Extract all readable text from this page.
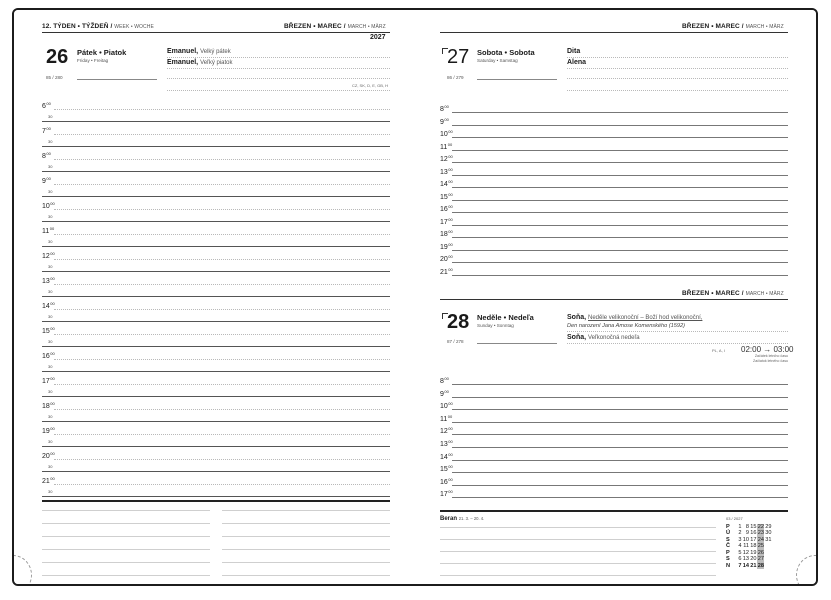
12. TÝDEN • TÝŽDEŇ / WEEK • WOCHE	BŘEZEN • MAREC / MARCH • MÄRZ
2027
26 Pátek • Piatok
Friday • Freitag
85 / 280
Emanuel, Velký pátek
Emanuel, Veľký piatok
CZ, SK, D, E, GB, H
$6^{00}$
30
$7^{00}$
30
$8^{00}$
30
$9^{00}$
30
$10^{00}$
30
$11^{00}$
30
$12^{00}$
30
$13^{00}$
30
$14^{00}$
30
$15^{00}$
30
$16^{00}$
30
$17^{00}$
30
$18^{00}$
30
$19^{00}$
30
$20^{00}$
30
$21^{00}$
30
BŘEZEN • MAREC / MARCH • MÄRZ
27 Sobota • Sobota
Saturday • Samstag
86 / 279
Dita
Alena
$8^{00}$
$9^{00}$
$10^{00}$
$11^{00}$
$12^{00}$
$13^{00}$
$14^{00}$
$15^{00}$
$16^{00}$
$17^{00}$
$18^{00}$
$19^{00}$
$20^{00}$
$21^{00}$
BŘEZEN • MAREC / MARCH • MÄRZ
28 Neděle • Nedeľa
Sunday • Sonntag
87 / 278
Soňa, Neděle velikonoční – Boží hod velikonoční,
Den narození Jana Amose Komenského (1592)
Soňa, Veľkonočná nedeľa
PL, A, I 02:00 → 03:00
Začátek letního času
Začiatok letného času
$8^{00}$
$9^{00}$
$10^{00}$
$11^{00}$
$12^{00}$
$13^{00}$
$14^{00}$
$15^{00}$
$16^{00}$
$17^{00}$
Beran 21. 3. – 20. 4.	03 / 2027
P	1 8 15 22 29
Ú	2 9 16 23 30
S	3 10 17 24 31
Č	4 11 18 25
P	5 12 19 26
S	6 13 20 27
N	7 14 21 28
